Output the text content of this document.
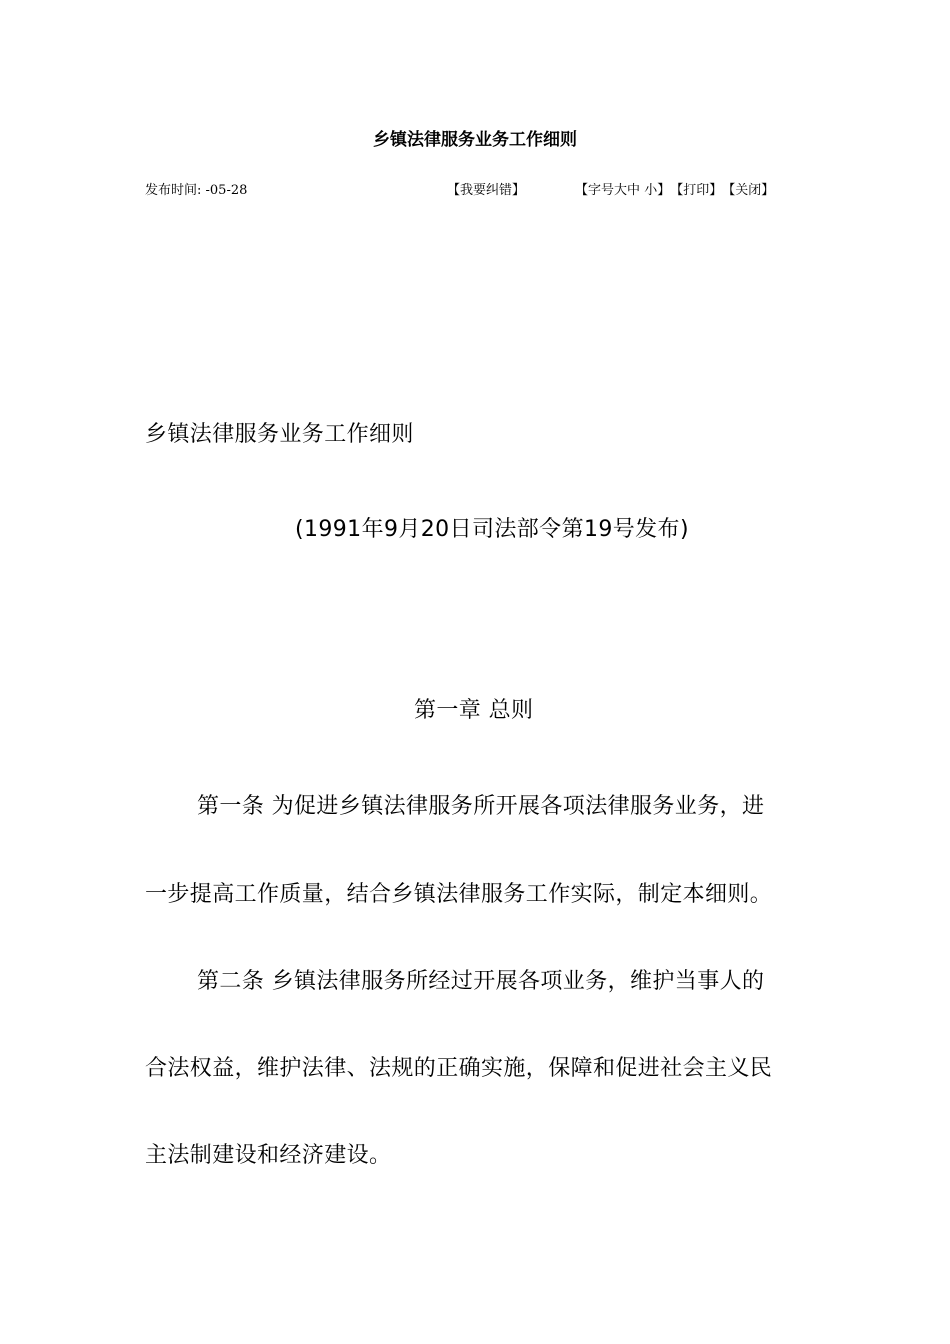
乡镇法律服务业务工作细则
发布时间: -05-28	【我要纠错】	【字号大中 小】【打印】【关闭】
乡镇法律服务业务工作细则
(1991年9月20日司法部令第19号发布)
第一章 总则
第一条 为促进乡镇法律服务所开展各项法律服务业务，进
一步提高工作质量，结合乡镇法律服务工作实际，制定本细则。
第二条 乡镇法律服务所经过开展各项业务，维护当事人的
合法权益，维护法律、法规的正确实施，保障和促进社会主义民
主法制建设和经济建设。
